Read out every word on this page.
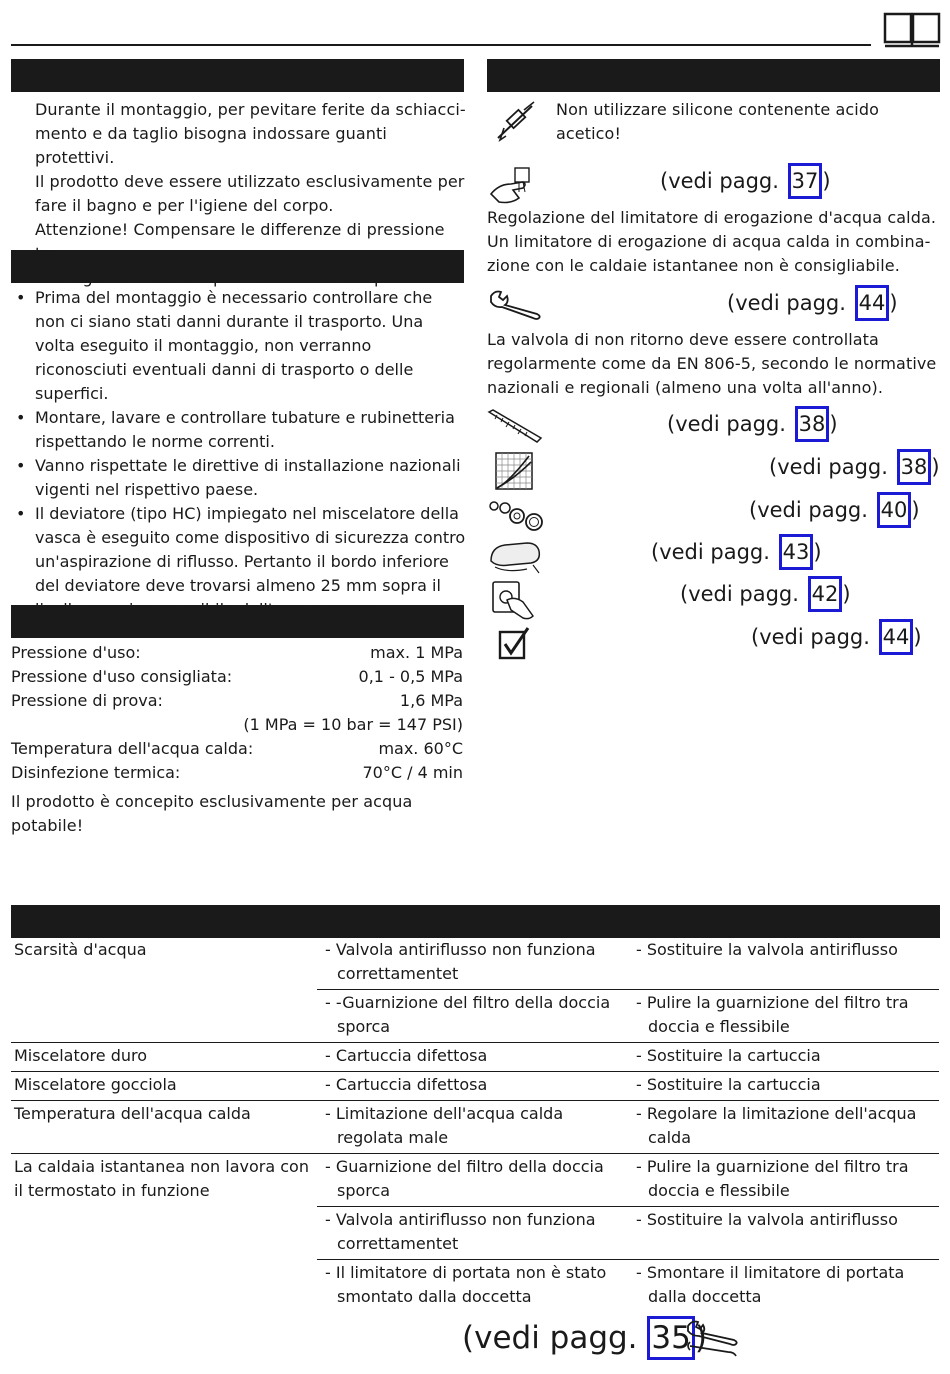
Durante il montaggio, per pevitare ferite da schiacci-
mento e da taglio bisogna indossare guanti protettivi.
Il prodotto deve essere utilizzato esclusivamente per
fare il bagno e per l'igiene del corpo.
Attenzione! Compensare le differenze di pressione tra
i collegamenti dell'acqua fredda e dell'acqua calda.
• Prima del montaggio è necessario controllare che non ci siano stati danni durante il trasporto. Una volta eseguito il montaggio, non verranno riconosciuti eventuali danni di trasporto o delle superfici.
• Montare, lavare e controllare tubature e rubinetteria rispettando le norme correnti.
• Vanno rispettate le direttive di installazione nazionali vigenti nel rispettivo paese.
• Il deviatore (tipo HC) impiegato nel miscelatore della vasca è eseguito come dispositivo di sicurezza contro un'aspirazione di riflusso. Pertanto il bordo inferiore del deviatore deve trovarsi almeno 25 mm sopra il livello massimo possibile dell'acqua sporca.
Pressione d'uso:	max. 1 MPa
Pressione d'uso consigliata:	0,1 - 0,5 MPa
Pressione di prova:	1,6 MPa
(1 MPa = 10 bar = 147 PSI)
Temperatura dell'acqua calda:	max. 60°C
Disinfezione termica:	70°C / 4 min
Il prodotto è concepito esclusivamente per acqua potabile!
Non utilizzare silicone contenente acido acetico!
(vedi pagg. 37 )
Regolazione del limitatore di erogazione d'acqua calda. Un limitatore di erogazione di acqua calda in combina-zione con le caldaie istantanee non è consigliabile.
(vedi pagg. 44 )
La valvola di non ritorno deve essere controllata regolarmente come da EN 806-5, secondo le normative nazionali e regionali (almeno una volta all'anno).
(vedi pagg. 38 )
(vedi pagg. 38 )
(vedi pagg. 40 )
(vedi pagg. 43 )
(vedi pagg. 42 )
(vedi pagg. 44 )
Scarsità d'acqua	- Valvola antiriflusso non funziona correttamentet	- Sostituire la valvola antiriflusso

	- -Guarnizione del filtro della doccia sporca	- Pulire la guarnizione del filtro tra doccia e flessibile

Miscelatore duro	- Cartuccia difettosa	- Sostituire la cartuccia

Miscelatore gocciola	- Cartuccia difettosa	- Sostituire la cartuccia

Temperatura dell'acqua calda	- Limitazione dell'acqua calda regolata male	- Regolare la limitazione dell'acqua calda

La caldaia istantanea non lavora con il termostato in funzione	- Guarnizione del filtro della doccia sporca	- Pulire la guarnizione del filtro tra doccia e flessibile

	- Valvola antiriflusso non funziona correttamentet	- Sostituire la valvola antiriflusso

	- Il limitatore di portata non è stato smontato dalla doccetta	- Smontare il limitatore di portata dalla doccetta
(vedi pagg. 35 )
